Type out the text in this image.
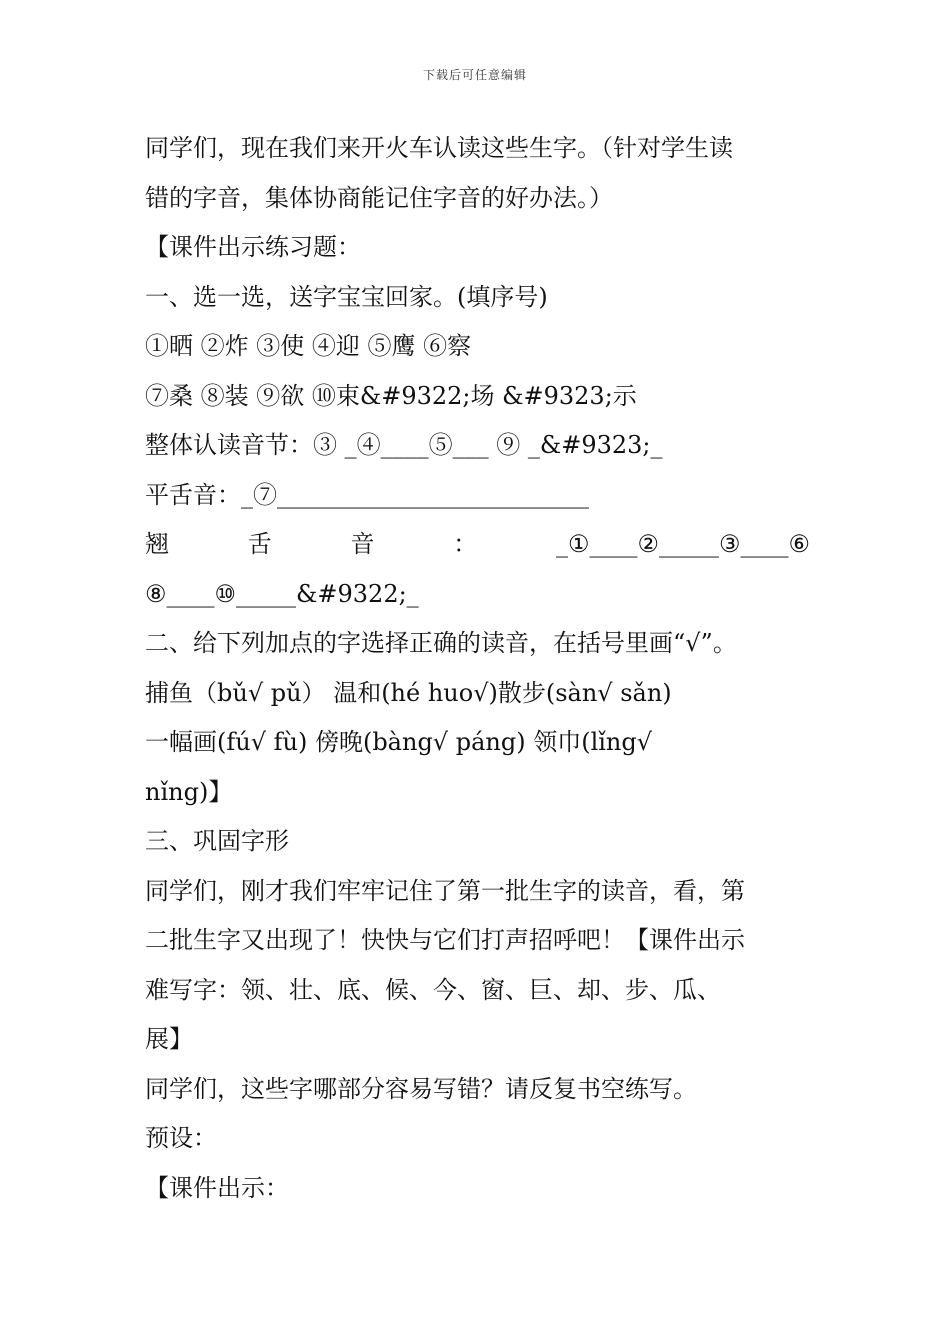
下载后可任意编辑
同学们，现在我们来开火车认读这些生字。（针对学生读
错的字音，集体协商能记住字音的好办法。）
【课件出示练习题：
一、选一选，送字宝宝回家。(填序号)
①晒 ②炸 ③使 ④迎 ⑤鹰 ⑥察
⑦桑 ⑧装 ⑨欲 ⑩束&#9322;场 &#9323;示
整体认读音节：③ _④____⑤___ ⑨ _&#9323;_
平舌音：_⑦__________________________
翘	舌	音	：	_①____②_____③____⑥
⑧____⑩_____&#9322;_
二、给下列加点的字选择正确的读音，在括号里画“√”。
捕鱼（bǔ√ pǔ） 温和(hé huo√)散步(sàn√ sǎn)
一幅画(fú√ fù) 傍晚(bàng√ páng) 领巾(lǐng√
nǐng)】
三、巩固字形
同学们，刚才我们牢牢记住了第一批生字的读音，看，第
二批生字又出现了！快快与它们打声招呼吧！【课件出示
难写字：领、壮、底、候、今、窗、巨、却、步、瓜、
展】
同学们，这些字哪部分容易写错？请反复书空练写。
预设：
【课件出示：
